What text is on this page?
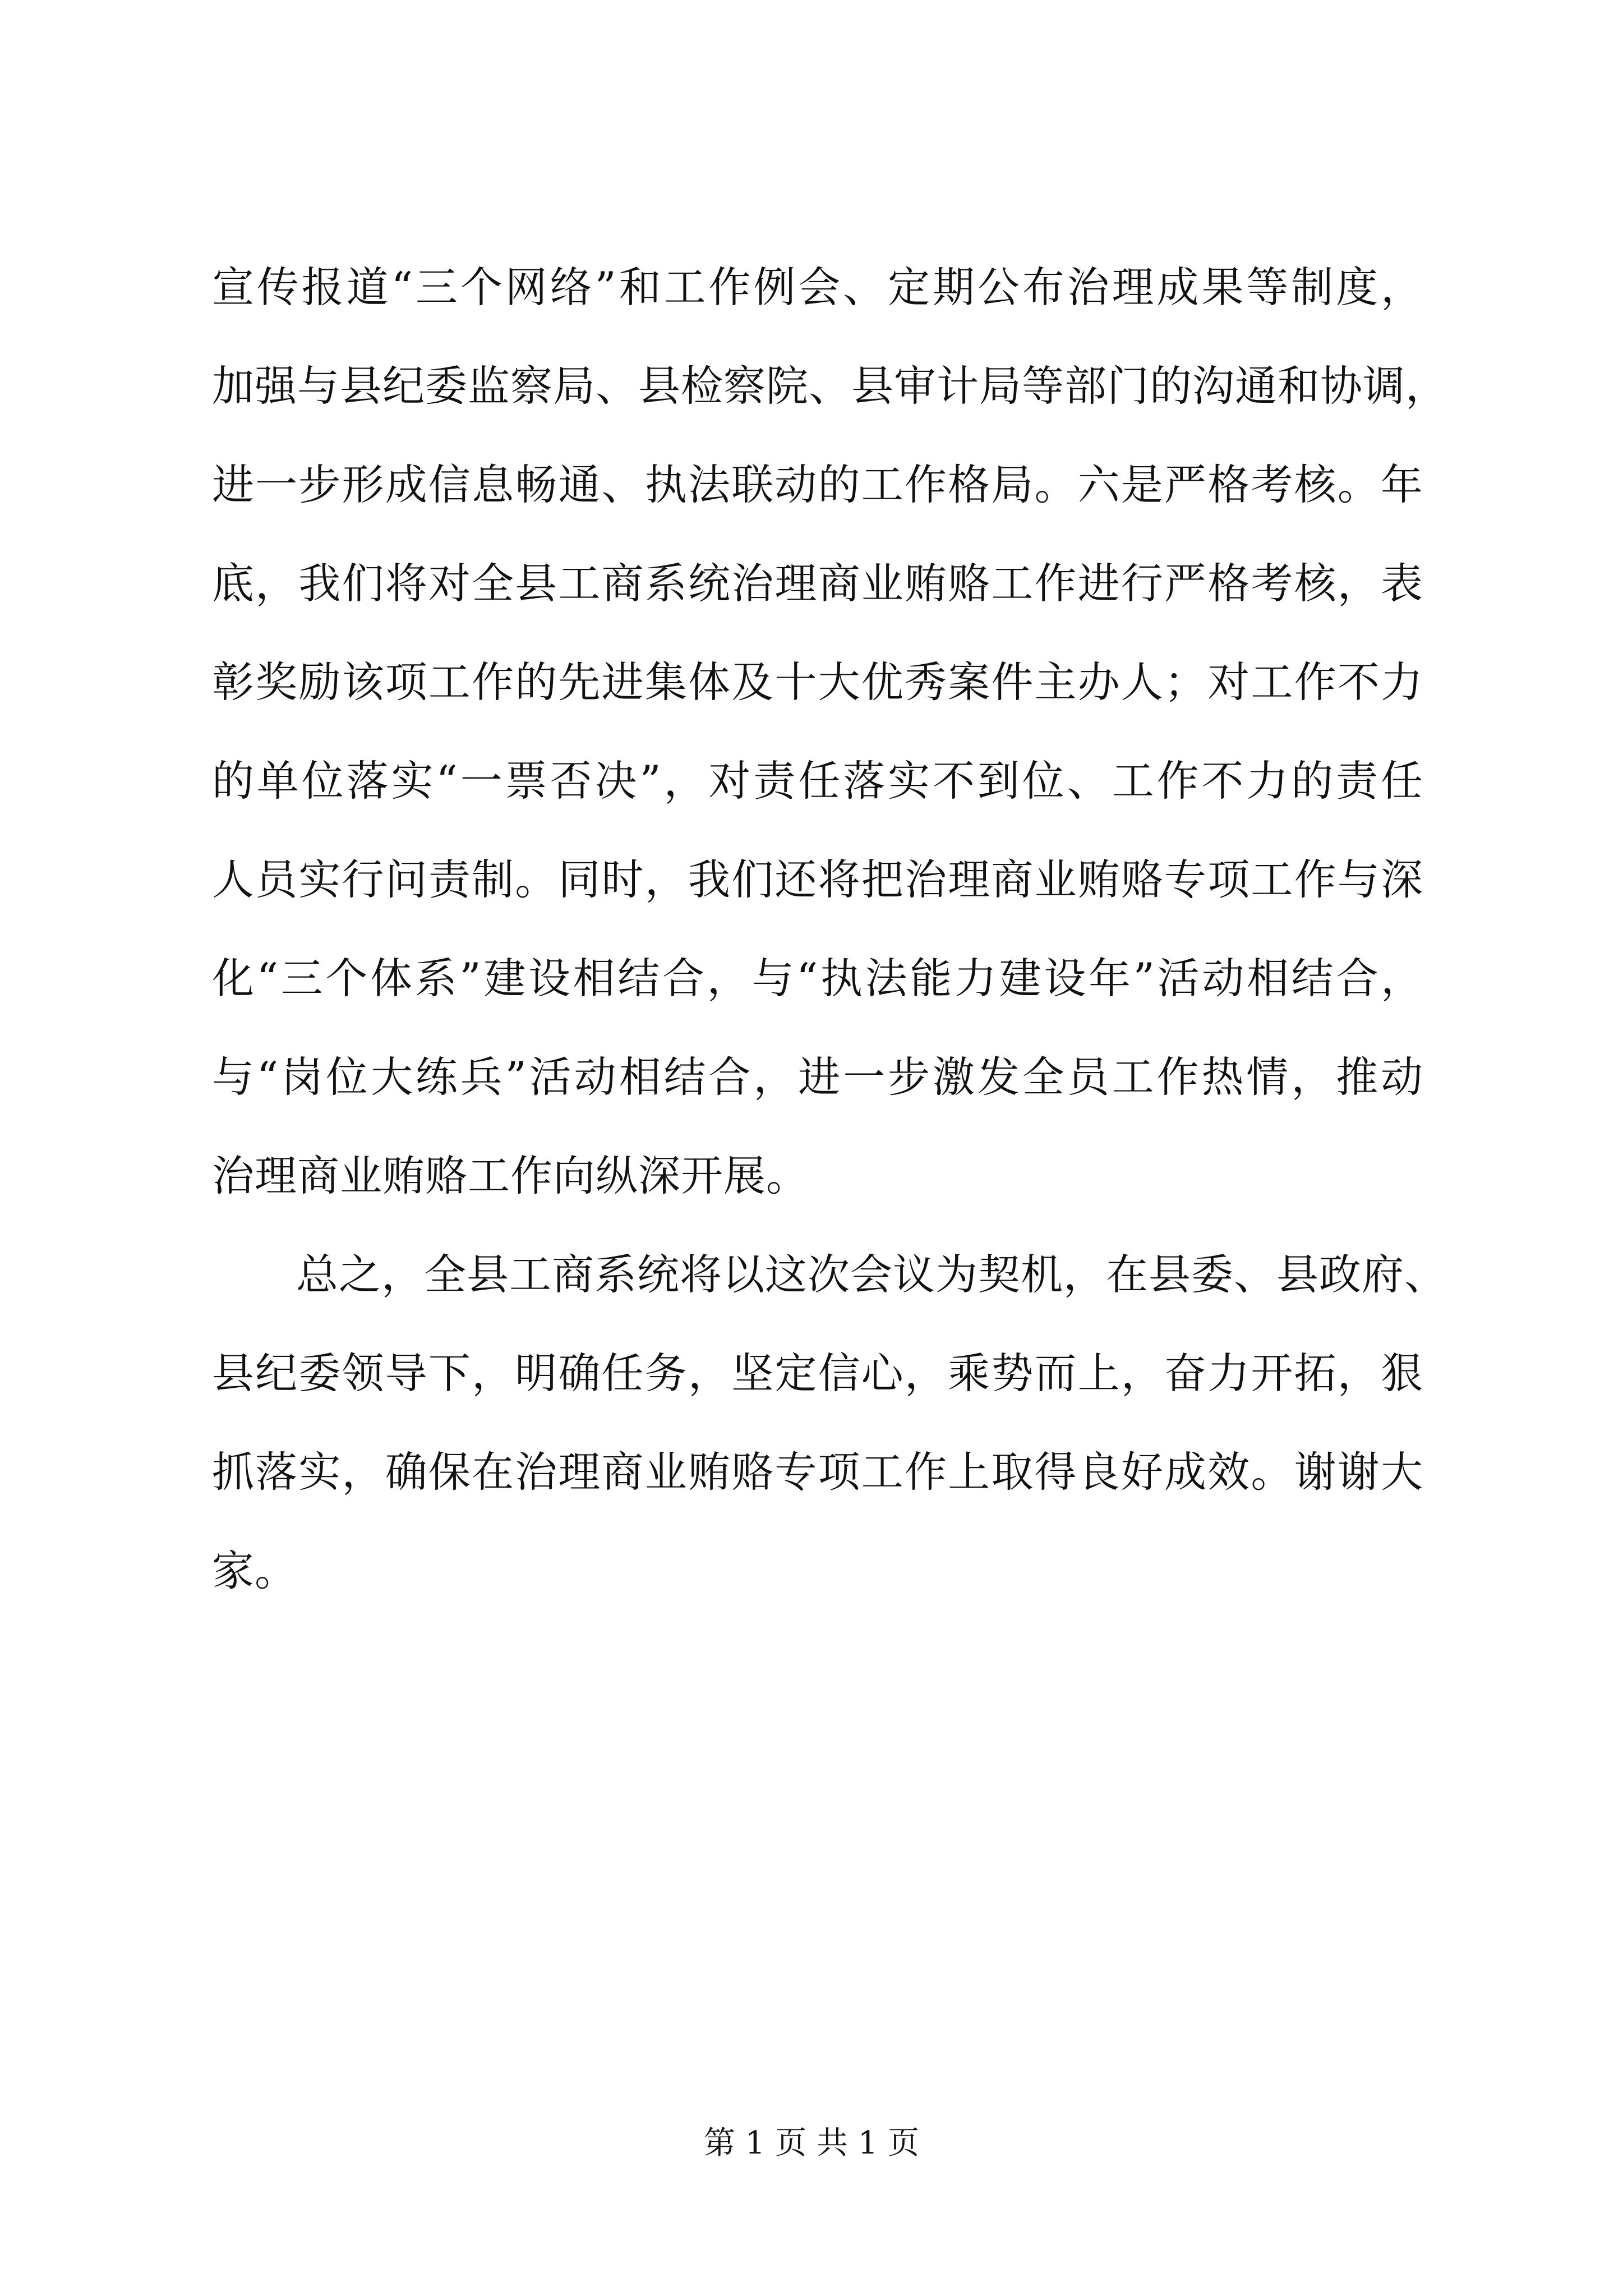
宣传报道“三个网络”和工作例会、定期公布治理成果等制度，
加强与县纪委监察局、县检察院、县审计局等部门的沟通和协调，
进一步形成信息畅通、执法联动的工作格局。六是严格考核。年
底，我们将对全县工商系统治理商业贿赂工作进行严格考核，表
彰奖励该项工作的先进集体及十大优秀案件主办人；对工作不力
的单位落实“一票否决”，对责任落实不到位、工作不力的责任
人员实行问责制。同时，我们还将把治理商业贿赂专项工作与深
化“三个体系”建设相结合，与“执法能力建设年”活动相结合，
与“岗位大练兵”活动相结合，进一步激发全员工作热情，推动
治理商业贿赂工作向纵深开展。
总之，全县工商系统将以这次会议为契机，在县委、县政府、
县纪委领导下，明确任务，坚定信心，乘势而上，奋力开拓，狠
抓落实，确保在治理商业贿赂专项工作上取得良好成效。谢谢大
家。
第 1 页 共 1 页
